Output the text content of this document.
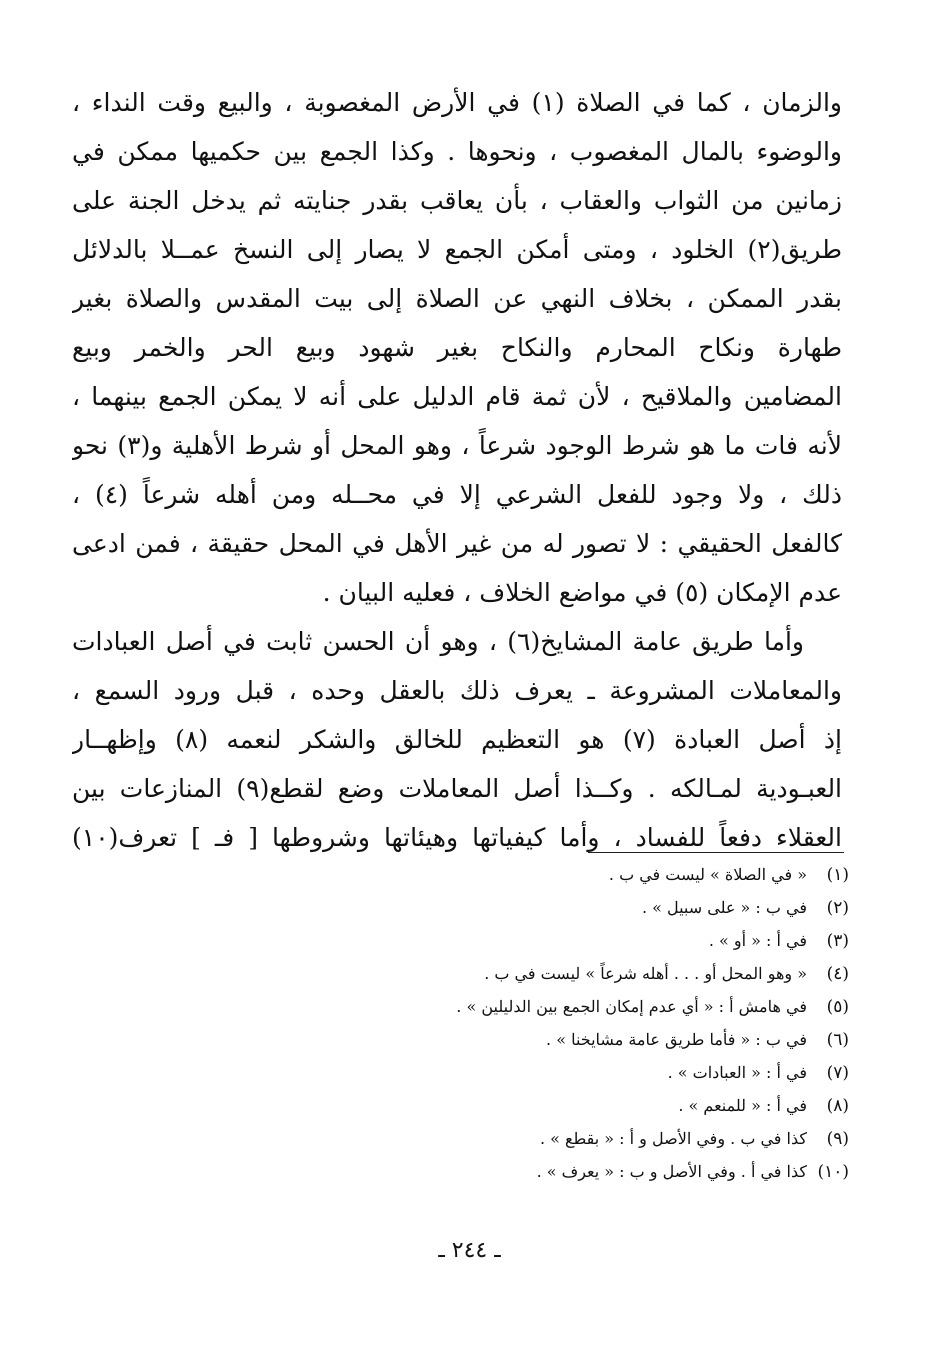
والزمان ، كما في الصلاة (١) في الأرض المغصوبة ، والبيع وقت النداء ،
والوضوء بالمال المغصوب ، ونحوها . وكذا الجمع بين حكميها ممكن في
زمانين من الثواب والعقاب ، بأن يعاقب بقدر جنايته ثم يدخل الجنة على
طريق(٢) الخلود ، ومتى أمكن الجمع لا يصار إلى النسخ عمــلا بالدلائل
بقدر الممكن ، بخلاف النهي عن الصلاة إلى بيت المقدس والصلاة بغير
طهارة ونكاح المحارم والنكاح بغير شهود وبيع الحر والخمر وبيع
المضامين والملاقيح ، لأن ثمة قام الدليل على أنه لا يمكن الجمع بينهما ،
لأنه فات ما هو شرط الوجود شرعاً ، وهو المحل أو شرط الأهلية و(٣) نحو
ذلك ، ولا وجود للفعل الشرعي إلا في محــله ومن أهله شرعاً (٤) ،
كالفعل الحقيقي : لا تصور له من غير الأهل في المحل حقيقة ، فمن ادعى
عدم الإمكان (٥) في مواضع الخلاف ، فعليه البيان .
وأما طريق عامة المشايخ(٦) ، وهو أن الحسن ثابت في أصل العبادات
والمعاملات المشروعة ـ يعرف ذلك بالعقل وحده ، قبل ورود السمع ،
إذ أصل العبادة (٧) هو التعظيم للخالق والشكر لنعمه (٨) وإظهــار
العبـودية لمـالكه . وكــذا أصل المعاملات وضع لقطع(٩) المنازعات بين
العقلاء دفعاً للفساد ، وأما كيفياتها وهيئاتها وشروطها [ فـ ] تعرف(١٠)
(١)« في الصلاة » ليست في ب .
(٢)في ب : « على سبيل » .
(٣)في أ : « أو » .
(٤)« وهو المحل أو . . . أهله شرعاً » ليست في ب .
(٥)في هامش أ : « أي عدم إمكان الجمع بين الدليلين » .
(٦)في ب : « فأما طريق عامة مشايخنا » .
(٧)في أ : « العبادات » .
(٨)في أ : « للمنعم » .
(٩)كذا في ب . وفي الأصل و أ : « بقطع » .
(١٠)كذا في أ . وفي الأصل و ب : « يعرف » .
ـ ٢٤٤ ـ
